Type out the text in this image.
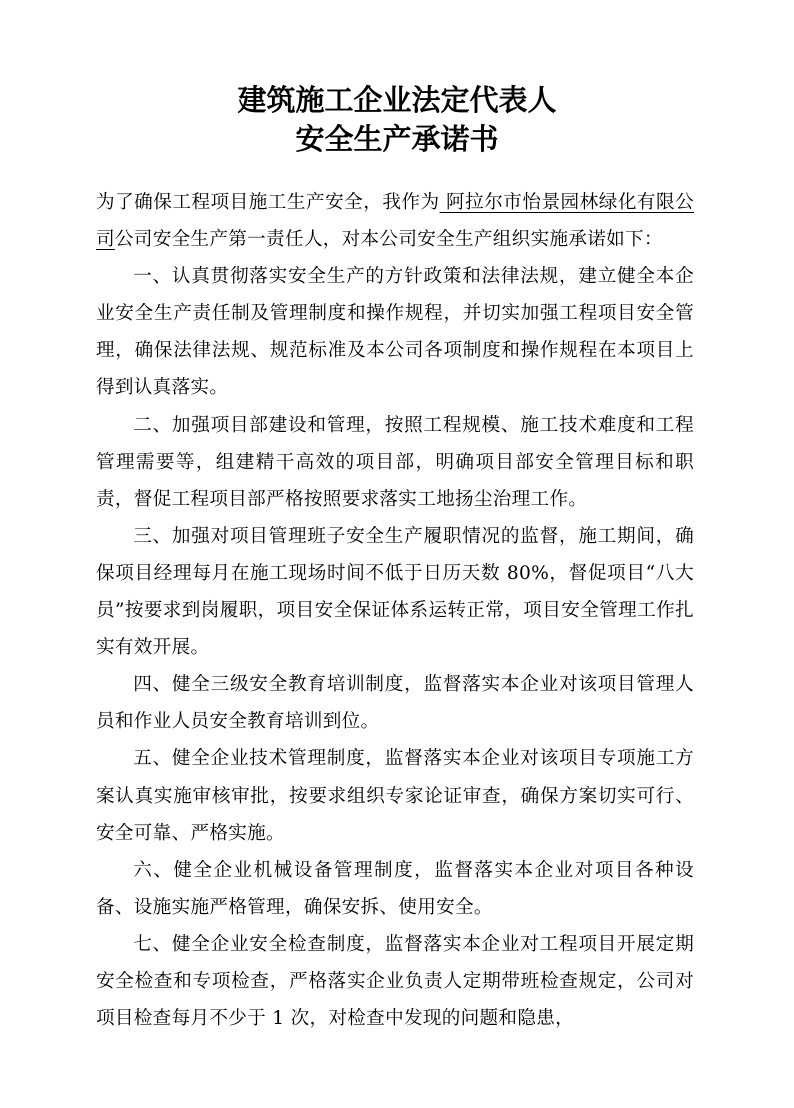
建筑施工企业法定代表人
安全生产承诺书

为了确保工程项目施工生产安全，我作为 阿拉尔市怡景园林绿化有限公司公司安全生产第一责任人，对本公司安全生产组织实施承诺如下：

一、认真贯彻落实安全生产的方针政策和法律法规，建立健全本企业安全生产责任制及管理制度和操作规程，并切实加强工程项目安全管理，确保法律法规、规范标准及本公司各项制度和操作规程在本项目上得到认真落实。

二、加强项目部建设和管理，按照工程规模、施工技术难度和工程管理需要等，组建精干高效的项目部，明确项目部安全管理目标和职责，督促工程项目部严格按照要求落实工地扬尘治理工作。

三、加强对项目管理班子安全生产履职情况的监督，施工期间，确保项目经理每月在施工现场时间不低于日历天数 80%，督促项目“八大员”按要求到岗履职，项目安全保证体系运转正常，项目安全管理工作扎实有效开展。

四、健全三级安全教育培训制度，监督落实本企业对该项目管理人员和作业人员安全教育培训到位。

五、健全企业技术管理制度，监督落实本企业对该项目专项施工方案认真实施审核审批，按要求组织专家论证审查，确保方案切实可行、安全可靠、严格实施。

六、健全企业机械设备管理制度，监督落实本企业对项目各种设备、设施实施严格管理，确保安拆、使用安全。

七、健全企业安全检查制度，监督落实本企业对工程项目开展定期安全检查和专项检查，严格落实企业负责人定期带班检查规定，公司对项目检查每月不少于 1 次，对检查中发现的问题和隐患，
